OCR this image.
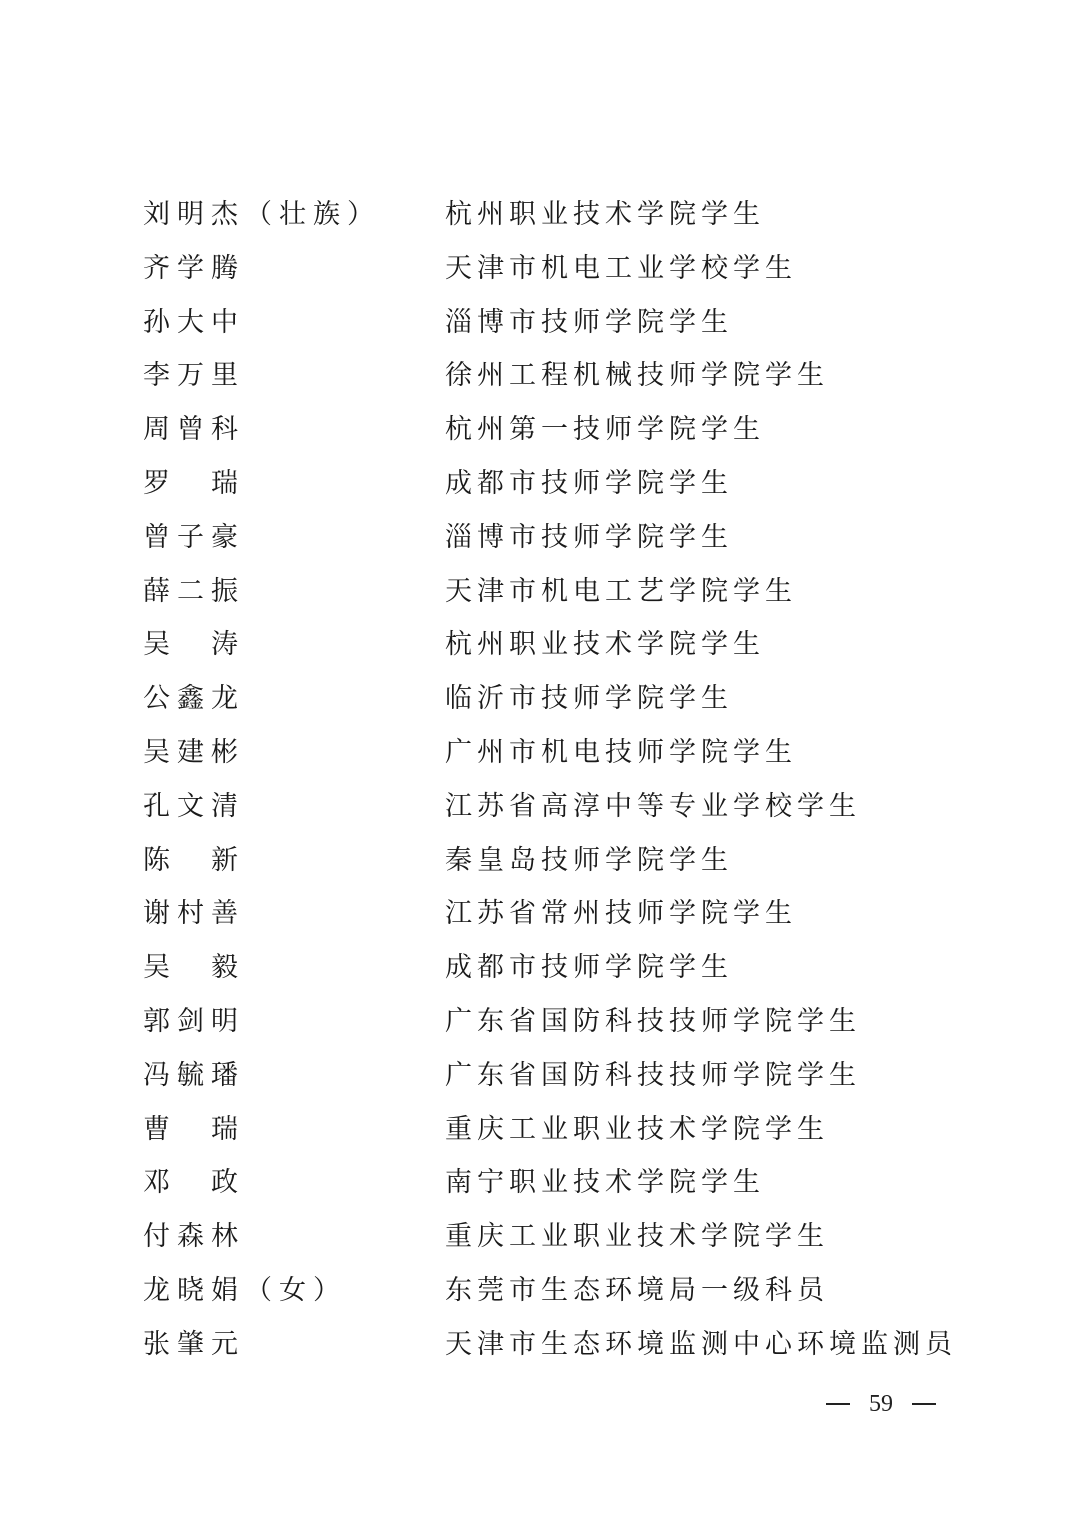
刘明杰（壮族） 杭州职业技术学院学生
齐学腾	天津市机电工业学校学生
孙大中	淄博市技师学院学生
李万里	徐州工程机械技师学院学生
周曾科	杭州第一技师学院学生
罗　瑞	成都市技师学院学生
曾子豪	淄博市技师学院学生
薛二振	天津市机电工艺学院学生
吴　涛	杭州职业技术学院学生
公鑫龙	临沂市技师学院学生
吴建彬	广州市机电技师学院学生
孔文清	江苏省高淳中等专业学校学生
陈　新	秦皇岛技师学院学生
谢村善	江苏省常州技师学院学生
吴　毅	成都市技师学院学生
郭剑明	广东省国防科技技师学院学生
冯毓璠	广东省国防科技技师学院学生
曹　瑞	重庆工业职业技术学院学生
邓　政	南宁职业技术学院学生
付森林	重庆工业职业技术学院学生
龙晓娟（女）	东莞市生态环境局一级科员
张肇元	天津市生态环境监测中心环境监测员
59
